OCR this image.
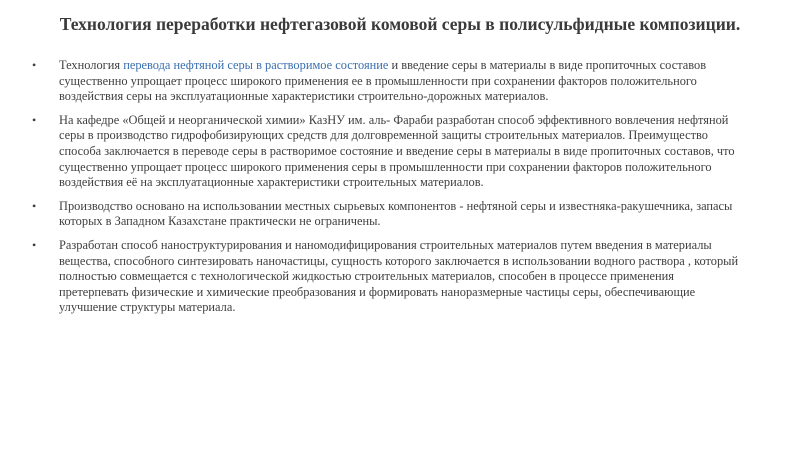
Технология переработки нефтегазовой комовой серы в полисульфидные композиции.
• Технология перевода нефтяной серы в растворимое состояние и введение серы в материалы в виде пропиточных составов существенно упрощает процесс широкого применения ее в промышленности при сохранении факторов положительного воздействия серы на эксплуатационные характеристики строительно-дорожных материалов.
• На кафедре «Общей и неорганической химии» КазНУ им. аль- Фараби разработан способ эффективного вовлечения нефтяной серы в производство гидрофобизирующих средств для долговременной защиты строительных материалов. Преимущество способа заключается в переводе серы в растворимое состояние и введение серы в материалы в виде пропиточных составов, что существенно упрощает процесс широкого применения серы в промышленности при сохранении факторов положительного воздействия её на эксплуатационные характеристики строительных материалов.
• Производство основано на использовании местных сырьевых компонентов - нефтяной серы и известняка-ракушечника, запасы которых в Западном Казахстане практически не ограничены.
• Разработан способ наноструктурирования и наномодифицирования строительных материалов путем введения в материалы вещества, способного синтезировать наночастицы, сущность которого заключается в использовании водного раствора , который полностью совмещается с технологической жидкостью строительных материалов, способен в процессе применения претерпевать физические и химические преобразования и формировать наноразмерные частицы серы, обеспечивающие улучшение структуры материала.
